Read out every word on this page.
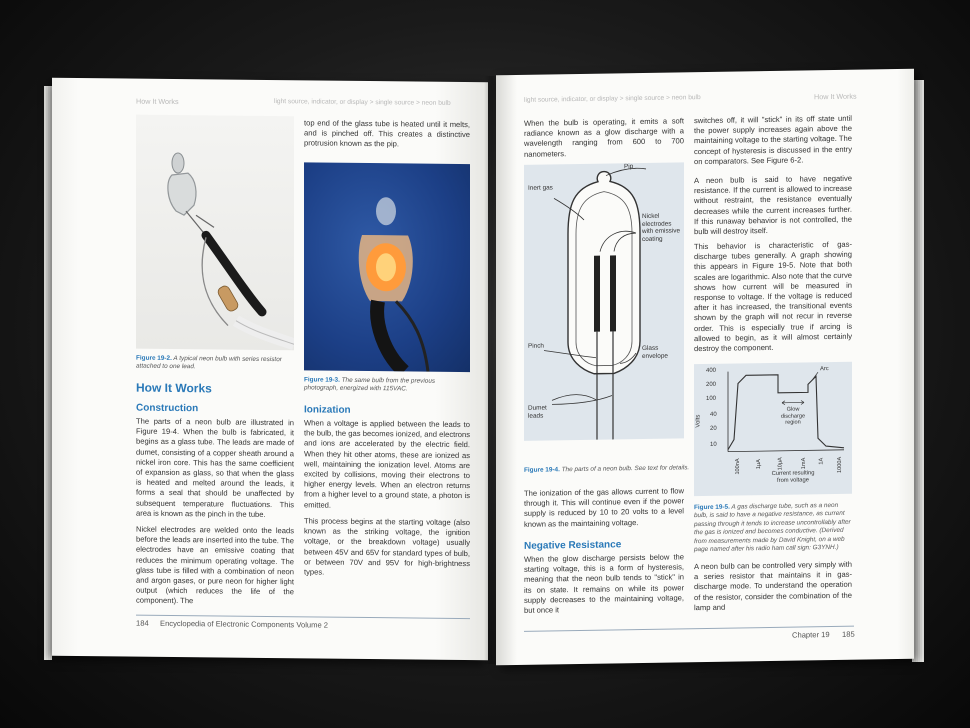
How It Works	light source, indicator, or display > single source > neon bulb
Figure 19-2. A typical neon bulb with series resistor attached to one lead.
How It Works
Construction
The parts of a neon bulb are illustrated in Figure 19-4. When the bulb is fabricated, it begins as a glass tube. The leads are made of dumet, consisting of a copper sheath around a nickel iron core. This has the same coefficient of expansion as glass, so that when the glass is heated and melted around the leads, it forms a seal that should be unaffected by subsequent temperature fluctuations. This area is known as the pinch in the tube.
Nickel electrodes are welded onto the leads before the leads are inserted into the tube. The electrodes have an emissive coating that reduces the minimum operating voltage. The glass tube is filled with a combination of neon and argon gases, or pure neon for higher light output (which reduces the life of the component). The
top end of the glass tube is heated until it melts, and is pinched off. This creates a distinctive protrusion known as the pip.
Figure 19-3. The same bulb from the previous photograph, energized with 115VAC.
Ionization
When a voltage is applied between the leads to the bulb, the gas becomes ionized, and electrons and ions are accelerated by the electric field. When they hit other atoms, these are ionized as well, maintaining the ionization level. Atoms are excited by collisions, moving their electrons to higher energy levels. When an electron returns from a higher level to a ground state, a photon is emitted.
This process begins at the starting voltage (also known as the striking voltage, the ignition voltage, or the breakdown voltage) usually between 45V and 65V for standard types of bulb, or between 70V and 95V for high-brightness types.
184 Encyclopedia of Electronic Components Volume 2
light source, indicator, or display > single source > neon bulb	How It Works
When the bulb is operating, it emits a soft radiance known as a glow discharge with a wavelength ranging from 600 to 700 nanometers.
Pip
Inert gas
Nickel electrodes with emissive coating
Pinch	Glass envelope
Dumet leads
Figure 19-4. The parts of a neon bulb. See text for details.
The ionization of the gas allows current to flow through it. This will continue even if the power supply is reduced by 10 to 20 volts to a level known as the maintaining voltage.
Negative Resistance
When the glow discharge persists below the starting voltage, this is a form of hysteresis, meaning that the neon bulb tends to "stick" in its on state. It remains on while its power supply decreases to the maintaining voltage, but once it
switches off, it will "stick" in its off state until the power supply increases again above the maintaining voltage to the starting voltage. The concept of hysteresis is discussed in the entry on comparators. See Figure 6-2.
A neon bulb is said to have negative resistance. If the current is allowed to increase without restraint, the resistance eventually decreases while the current increases further. If this runaway behavior is not controlled, the bulb will destroy itself.
This behavior is characteristic of gas-discharge tubes generally. A graph showing this appears in Figure 19-5. Note that both scales are logarithmic. Also note that the curve shows how current will be measured in response to voltage. If the voltage is reduced after it has increased, the transitional events shown by the graph will not recur in reverse order. This is especially true if arcing is allowed to begin, as it will almost certainly destroy the component.
400
200
100
40
20
10
Volts
100nA	1µA	10µA	1mA 1A 1000A
Current resulting from voltage
Glow discharge region
Arc
Figure 19-5. A gas discharge tube, such as a neon bulb, is said to have a negative resistance, as current passing through it tends to increase uncontrollably after the gas is ionized and becomes conductive. (Derived from measurements made by David Knight, on a web page named after his radio ham call sign: G3YNH.)
A neon bulb can be controlled very simply with a series resistor that maintains it in gas-discharge mode. To understand the operation of the resistor, consider the combination of the lamp and
Chapter 19 185
